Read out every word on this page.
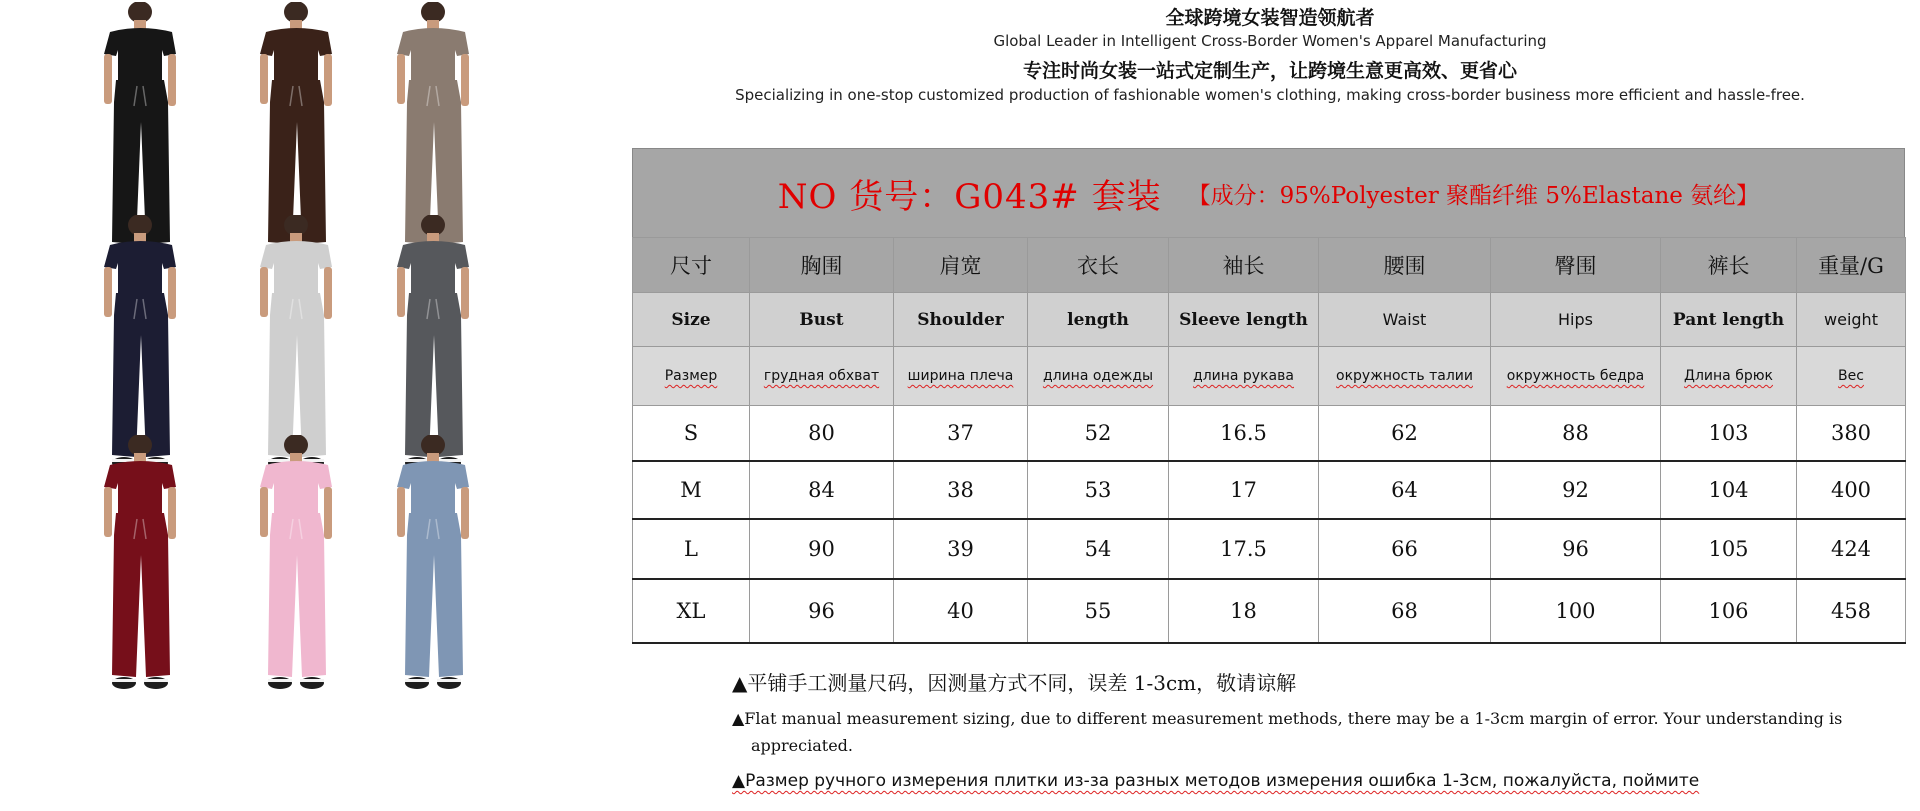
全球跨境女装智造领航者
Global Leader in Intelligent Cross-Border Women's Apparel Manufacturing
专注时尚女装一站式定制生产，让跨境生意更高效、更省心
Specializing in one-stop customized production of fashionable women's clothing, making cross-border business more efficient and hassle-free.
NO 货号：G043# 套装 【成分：95%Polyester 聚酯纤维 5%Elastane 氨纶】
尺寸	胸围	肩宽	衣长	袖长	腰围	臀围	裤长	重量/G
Size	Bust	Shoulder	length	Sleeve length	Waist	Hips	Pant length	weight
Размер	грудная обхват	ширина плеча	длина одежды	длина рукава	окружность талии	окружность бедра	Длина брюк	Вес
S	80	37	52	16.5	62	88	103	380
M	84	38	53	17	64	92	104	400
L	90	39	54	17.5	66	96	105	424
XL	96	40	55	18	68	100	106	458
▲平铺手工测量尺码，因测量方式不同，误差 1-3cm，敬请谅解
▲Flat manual measurement sizing, due to different measurement methods, there may be a 1-3cm margin of error. Your understanding is appreciated.
▲Размер ручного измерения плитки из-за разных методов измерения ошибка 1-3см, пожалуйста, поймите
